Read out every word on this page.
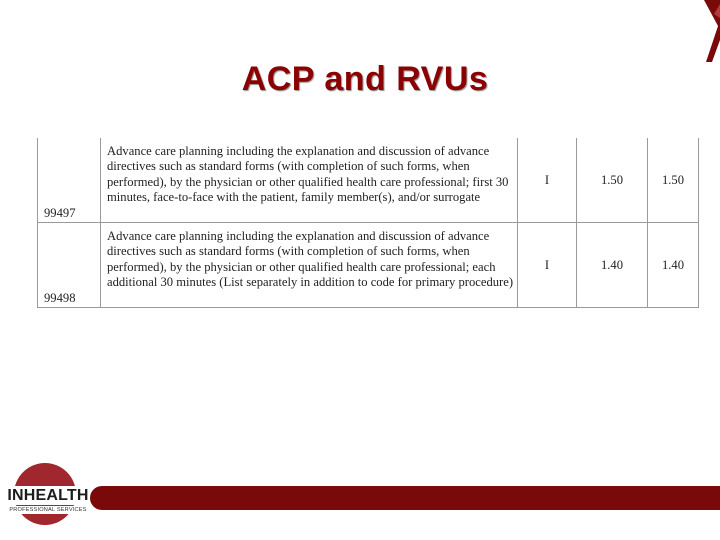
ACP and RVUs
99497	Advance care planning including the explanation and discussion of advance directives such as standard forms (with completion of such forms, when performed), by the physician or other qualified health care professional; first 30 minutes, face-to-face with the patient, family member(s), and/or surrogate	I	1.50	1.50

99498	Advance care planning including the explanation and discussion of advance directives such as standard forms (with completion of such forms, when performed), by the physician or other qualified health care professional; each additional 30 minutes (List separately in addition to code for primary procedure)	I	1.40	1.40
INHEALTH
PROFESSIONAL SERVICES
